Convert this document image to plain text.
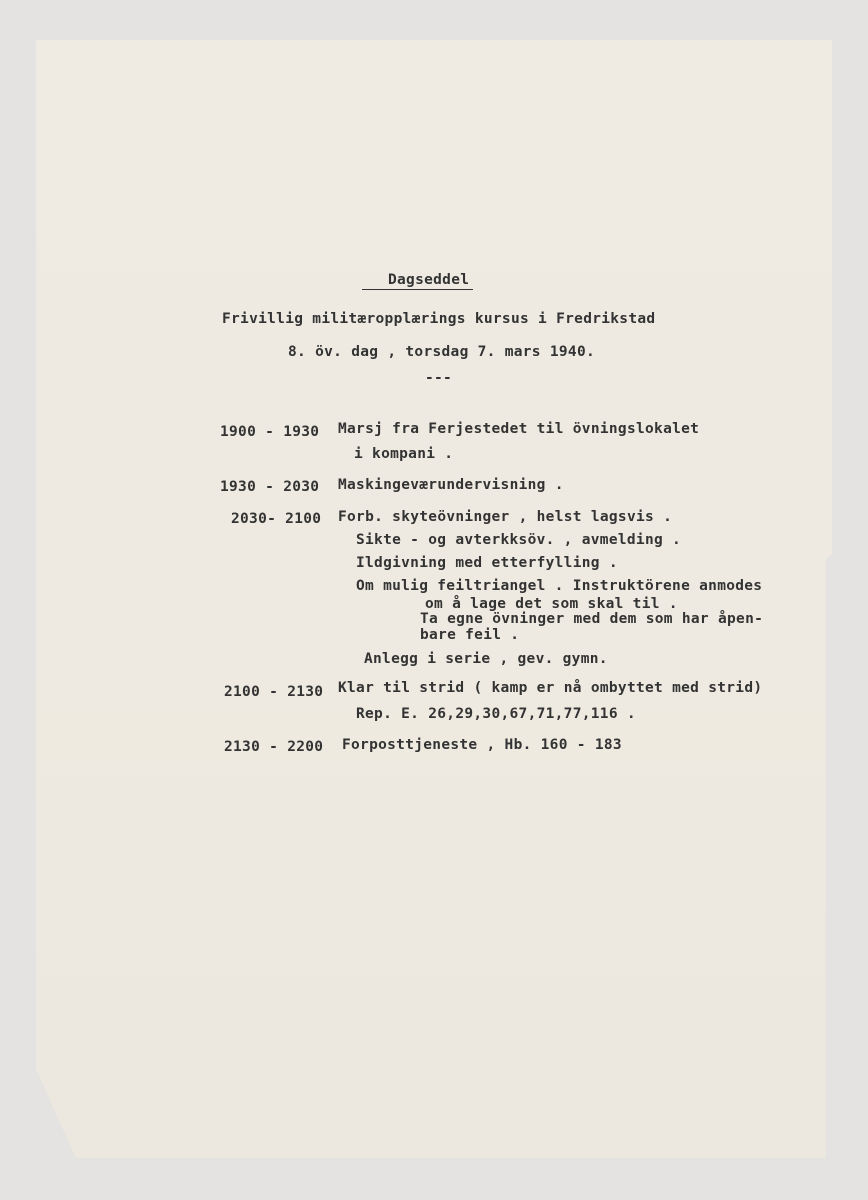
Dagseddel
Frivillig militæropplærings kursus i Fredrikstad
8. öv. dag , torsdag 7. mars 1940.
---
1900 - 1930 Marsj fra Ferjestedet til övningslokalet
i kompani .
1930 - 2030 Maskingeværundervisning .
2030- 2100 Forb. skyteövninger , helst lagsvis .
Sikte - og avterkksöv. , avmelding .
Ildgivning med etterfylling .
Om mulig feiltriangel . Instruktörene anmodes
om å lage det som skal til .
Ta egne övninger med dem som har åpen-
bare feil .
Anlegg i serie , gev. gymn.
2100 - 2130 Klar til strid ( kamp er nå ombyttet med strid)
Rep. E. 26,29,30,67,71,77,116 .
2130 - 2200 Forposttjeneste , Hb. 160 - 183
